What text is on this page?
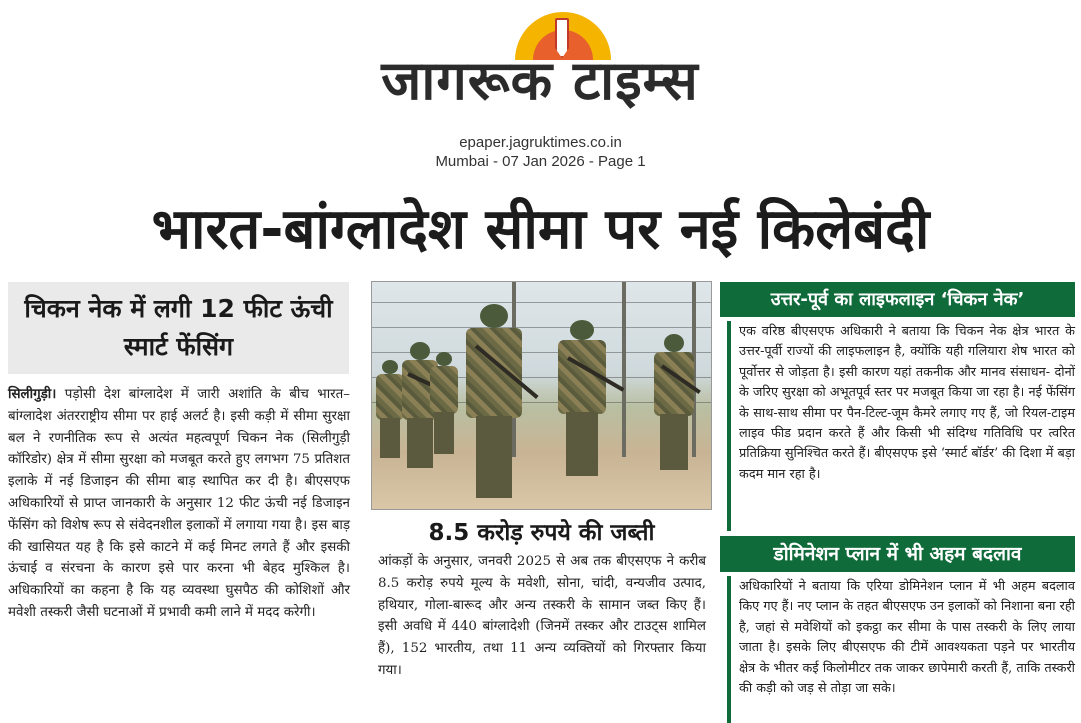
जागरूक टाइम्स
epaper.jagruktimes.co.in
Mumbai - 07 Jan 2026 - Page 1
भारत-बांग्लादेश सीमा पर नई किलेबंदी
चिकन नेक में लगी 12 फीट ऊंची स्मार्ट फेंसिंग
सिलीगुड़ी। पड़ोसी देश बांग्लादेश में जारी अशांति के बीच भारत–बांग्लादेश अंतरराष्ट्रीय सीमा पर हाई अलर्ट है। इसी कड़ी में सीमा सुरक्षा बल ने रणनीतिक रूप से अत्यंत महत्वपूर्ण चिकन नेक (सिलीगुड़ी कॉरिडोर) क्षेत्र में सीमा सुरक्षा को मजबूत करते हुए लगभग 75 प्रतिशत इलाके में नई डिजाइन की सीमा बाड़ स्थापित कर दी है। बीएसएफ अधिकारियों से प्राप्त जानकारी के अनुसार 12 फीट ऊंची नई डिजाइन फेंसिंग को विशेष रूप से संवेदनशील इलाकों में लगाया गया है। इस बाड़ की खासियत यह है कि इसे काटने में कई मिनट लगते हैं और इसकी ऊंचाई व संरचना के कारण इसे पार करना भी बेहद मुश्किल है। अधिकारियों का कहना है कि यह व्यवस्था घुसपैठ की कोशिशों और मवेशी तस्करी जैसी घटनाओं में प्रभावी कमी लाने में मदद करेगी।
8.5 करोड़ रुपये की जब्ती
आंकड़ों के अनुसार, जनवरी 2025 से अब तक बीएसएफ ने करीब 8.5 करोड़ रुपये मूल्य के मवेशी, सोना, चांदी, वन्यजीव उत्पाद, हथियार, गोला-बारूद और अन्य तस्करी के सामान जब्त किए हैं। इसी अवधि में 440 बांग्लादेशी (जिनमें तस्कर और टाउट्स शामिल हैं), 152 भारतीय, तथा 11 अन्य व्यक्तियों को गिरफ्तार किया गया।
उत्तर-पूर्व का लाइफलाइन ‘चिकन नेक’
एक वरिष्ठ बीएसएफ अधिकारी ने बताया कि चिकन नेक क्षेत्र भारत के उत्तर-पूर्वी राज्यों की लाइफलाइन है, क्योंकि यही गलियारा शेष भारत को पूर्वोत्तर से जोड़ता है। इसी कारण यहां तकनीक और मानव संसाधन- दोनों के जरिए सुरक्षा को अभूतपूर्व स्तर पर मजबूत किया जा रहा है। नई फेंसिंग के साथ-साथ सीमा पर पैन-टिल्ट-जूम कैमरे लगाए गए हैं, जो रियल-टाइम लाइव फीड प्रदान करते हैं और किसी भी संदिग्ध गतिविधि पर त्वरित प्रतिक्रिया सुनिश्चित करते हैं। बीएसएफ इसे ‘स्मार्ट बॉर्डर’ की दिशा में बड़ा कदम मान रहा है।
डोमिनेशन प्लान में भी अहम बदलाव
अधिकारियों ने बताया कि एरिया डोमिनेशन प्लान में भी अहम बदलाव किए गए हैं। नए प्लान के तहत बीएसएफ उन इलाकों को निशाना बना रही है, जहां से मवेशियों को इकट्ठा कर सीमा के पास तस्करी के लिए लाया जाता है। इसके लिए बीएसएफ की टीमें आवश्यकता पड़ने पर भारतीय क्षेत्र के भीतर कई किलोमीटर तक जाकर छापेमारी करती हैं, ताकि तस्करी की कड़ी को जड़ से तोड़ा जा सके।
